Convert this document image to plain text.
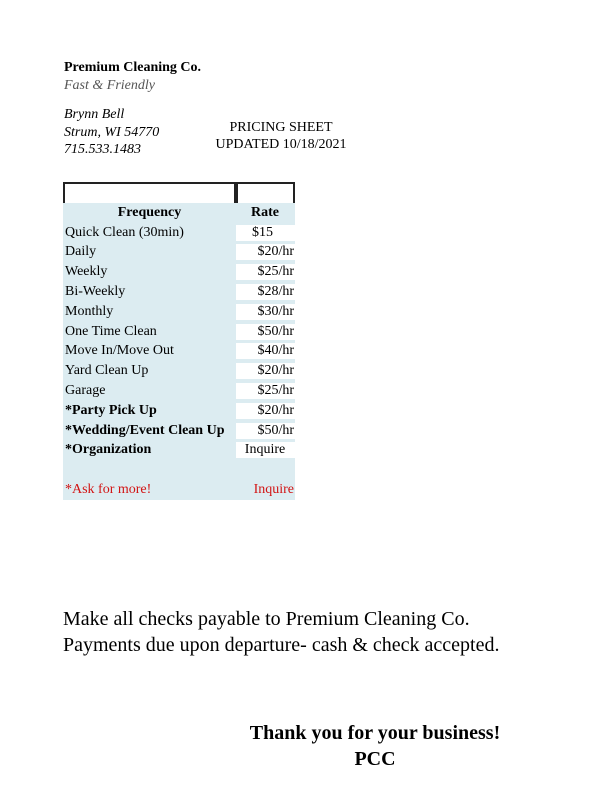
Premium Cleaning Co.
Fast & Friendly
Brynn Bell
Strum, WI 54770
715.533.1483
PRICING SHEET
UPDATED 10/18/2021
Frequency	Rate
Quick Clean (30min)	$15
Daily	$20/hr
Weekly	$25/hr
Bi-Weekly	$28/hr
Monthly	$30/hr
One Time Clean	$50/hr
Move In/Move Out	$40/hr
Yard Clean Up	$20/hr
Garage	$25/hr
*Party Pick Up	$20/hr
*Wedding/Event Clean Up	$50/hr
*Organization	Inquire
*Ask for more!	Inquire
Make all checks payable to Premium Cleaning Co.
Payments due upon departure- cash & check accepted.
Thank you for your business!
PCC
